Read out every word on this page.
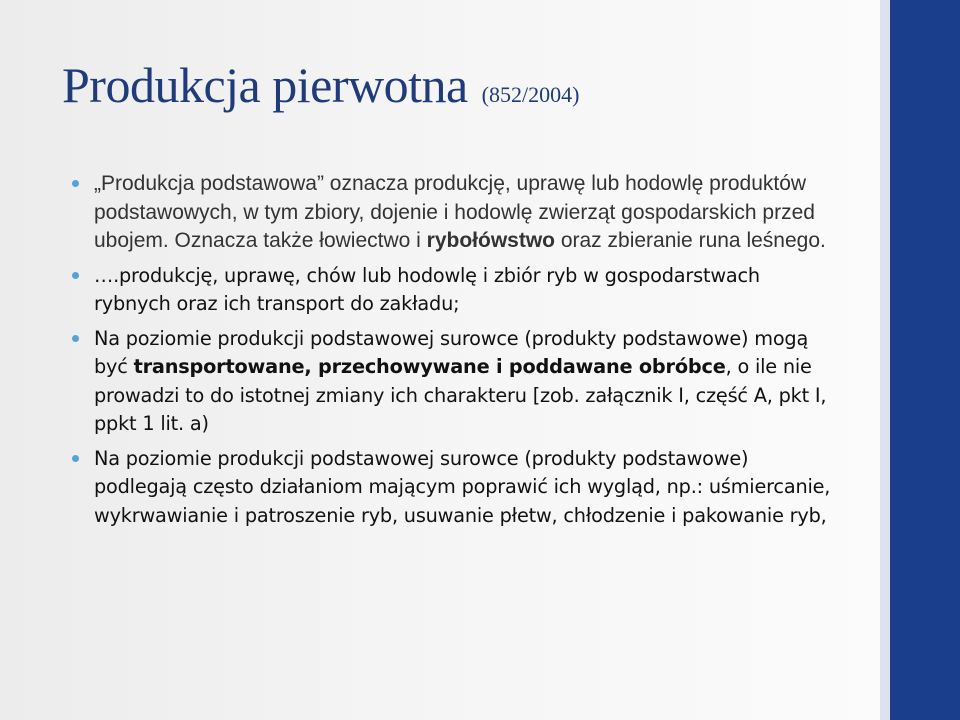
Produkcja pierwotna (852/2004)
„Produkcja podstawowa” oznacza produkcję, uprawę lub hodowlę produktów podstawowych, w tym zbiory, dojenie i hodowlę zwierząt gospodarskich przed ubojem. Oznacza także łowiectwo i rybołówstwo oraz zbieranie runa leśnego.
….produkcję, uprawę, chów lub hodowlę i zbiór ryb w gospodarstwach rybnych oraz ich transport do zakładu;
Na poziomie produkcji podstawowej surowce (produkty podstawowe) mogą być transportowane, przechowywane i poddawane obróbce, o ile nie prowadzi to do istotnej zmiany ich charakteru [zob. załącznik I, część A, pkt I, ppkt 1 lit. a)
Na poziomie produkcji podstawowej surowce (produkty podstawowe) podlegają często działaniom mającym poprawić ich wygląd, np.: uśmiercanie, wykrwawianie i patroszenie ryb, usuwanie płetw, chłodzenie i pakowanie ryb,
